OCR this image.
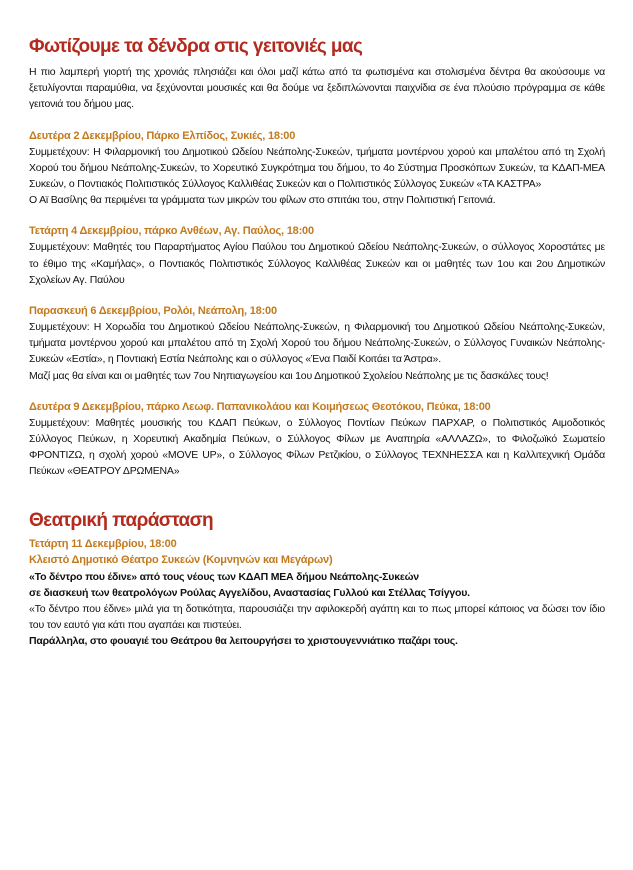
Φωτίζουμε τα δένδρα στις γειτονιές μας

Η πιο λαμπερή γιορτή της χρονιάς πλησιάζει και όλοι μαζί κάτω από τα φωτισμένα και στολισμένα δέντρα θα ακούσουμε να ξετυλίγονται παραμύθια, να ξεχύνονται μουσικές και θα δούμε να ξεδιπλώνονται παιχνίδια σε ένα πλούσιο πρόγραμμα σε κάθε γειτονιά του δήμου μας.

Δευτέρα 2 Δεκεμβρίου, Πάρκο Ελπίδος, Συκιές, 18:00

Συμμετέχουν: Η Φιλαρμονική του Δημοτικού Ωδείου Νεάπολης-Συκεών, τμήματα μοντέρνου χορού και μπαλέτου από τη Σχολή Χορού του δήμου Νεάπολης-Συκεών, το Χορευτικό Συγκρότημα του δήμου, το 4ο Σύστημα Προσκόπων Συκεών, τα ΚΔΑΠ-ΜΕΑ Συκεών, ο Ποντιακός Πολιτιστικός Σύλλογος Καλλιθέας Συκεών και ο Πολιτιστικός Σύλλογος Συκεών «ΤΑ ΚΑΣΤΡΑ»

Ο Αϊ Βασίλης θα περιμένει τα γράμματα των μικρών του φίλων στο σπιτάκι του, στην Πολιτιστική Γειτονιά.

Τετάρτη 4 Δεκεμβρίου, πάρκο Ανθέων, Αγ. Παύλος, 18:00

Συμμετέχουν: Μαθητές του Παραρτήματος Αγίου Παύλου του Δημοτικού Ωδείου Νεάπολης-Συκεών, ο σύλλογος Χοροστάτες με το έθιμο της «Καμήλας», ο Ποντιακός Πολιτιστικός Σύλλογος Καλλιθέας Συκεών και οι μαθητές των 1ου και 2ου Δημοτικών Σχολείων Αγ. Παύλου

Παρασκευή 6 Δεκεμβρίου, Ρολόι, Νεάπολη, 18:00

Συμμετέχουν: Η Χορωδία του Δημοτικού Ωδείου Νεάπολης-Συκεών, η Φιλαρμονική του Δημοτικού Ωδείου Νεάπολης-Συκεών, τμήματα μοντέρνου χορού και μπαλέτου από τη Σχολή Χορού του δήμου Νεάπολης-Συκεών, ο Σύλλογος Γυναικών Νεάπολης-Συκεών «Εστία», η Ποντιακή Εστία Νεάπολης και ο σύλλογος «Ένα Παιδί Κοιτάει τα Άστρα».

Μαζί μας θα είναι και οι μαθητές των 7ου Νηπιαγωγείου και 1ου Δημοτικού Σχολείου Νεάπολης με τις δασκάλες τους!

Δευτέρα 9 Δεκεμβρίου, πάρκο Λεωφ. Παπανικολάου και Κοιμήσεως Θεοτόκου, Πεύκα, 18:00

Συμμετέχουν: Μαθητές μουσικής του ΚΔΑΠ Πεύκων, ο Σύλλογος Ποντίων Πεύκων ΠΑΡΧΑΡ, ο Πολιτιστικός Αιμοδοτικός Σύλλογος Πεύκων, η Χορευτική Ακαδημία Πεύκων, ο Σύλλογος Φίλων με Αναπηρία «ΑΛΛΑΖΩ», το Φιλοζωϊκό Σωματείο ΦΡΟΝΤΙΖΩ, η σχολή χορού «MOVE UP», ο Σύλλογος Φίλων Ρετζικίου, ο Σύλλογος ΤΕΧΝΗΕΣΣΑ και η Καλλιτεχνική Ομάδα Πεύκων «ΘΕΑΤΡΟΥ ΔΡΩΜΕΝΑ»

Θεατρική παράσταση
Τετάρτη 11 Δεκεμβρίου, 18:00
Κλειστό Δημοτικό Θέατρο Συκεών (Κομνηνών και Μεγάρων)

«Το δέντρο που έδινε» από τους νέους των ΚΔΑΠ ΜΕΑ δήμου Νεάπολης-Συκεών

σε διασκευή των θεατρολόγων Ρούλας Αγγελίδου, Αναστασίας Γυλλού και Στέλλας Τσίγγου.

«Το δέντρο που έδινε» μιλά για τη δοτικότητα, παρουσιάζει την αφιλοκερδή αγάπη και το πως μπορεί κάποιος να δώσει τον ίδιο του τον εαυτό για κάτι που αγαπάει και πιστεύει.

Παράλληλα, στο φουαγιέ του Θεάτρου θα λειτουργήσει το χριστουγεννιάτικο παζάρι τους.
